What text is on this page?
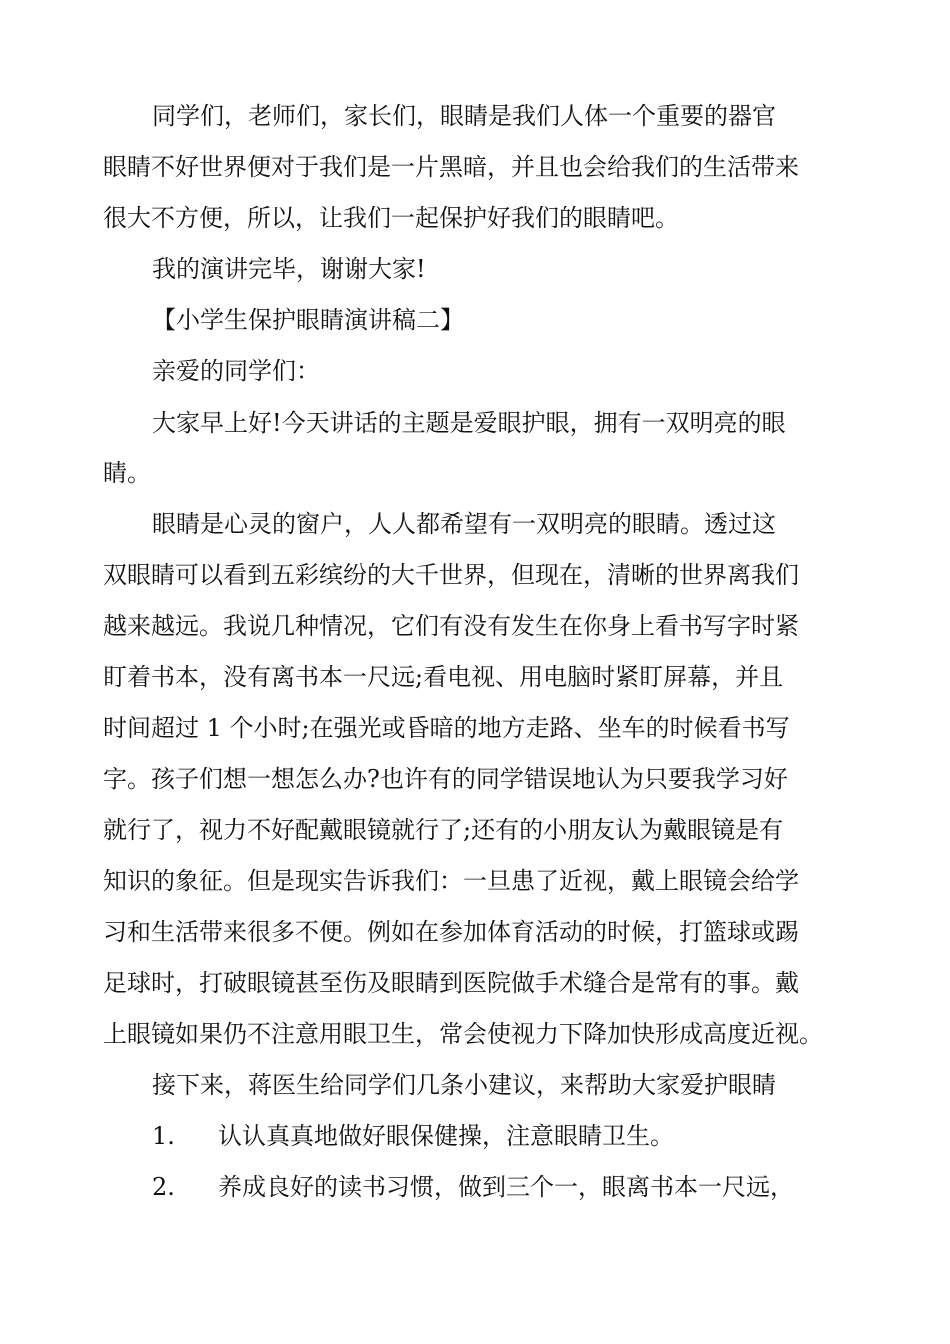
同学们，老师们，家长们，眼睛是我们人体一个重要的器官

眼睛不好世界便对于我们是一片黑暗，并且也会给我们的生活带来

很大不方便，所以，让我们一起保护好我们的眼睛吧。

我的演讲完毕，谢谢大家!

【小学生保护眼睛演讲稿二】

亲爱的同学们：

大家早上好!今天讲话的主题是爱眼护眼，拥有一双明亮的眼

睛。

眼睛是心灵的窗户，人人都希望有一双明亮的眼睛。透过这

双眼睛可以看到五彩缤纷的大千世界，但现在，清晰的世界离我们

越来越远。我说几种情况，它们有没有发生在你身上看书写字时紧

盯着书本，没有离书本一尺远;看电视、用电脑时紧盯屏幕，并且

时间超过 1 个小时;在强光或昏暗的地方走路、坐车的时候看书写

字。孩子们想一想怎么办?也许有的同学错误地认为只要我学习好

就行了，视力不好配戴眼镜就行了;还有的小朋友认为戴眼镜是有

知识的象征。但是现实告诉我们：一旦患了近视，戴上眼镜会给学

习和生活带来很多不便。例如在参加体育活动的时候，打篮球或踢

足球时，打破眼镜甚至伤及眼睛到医院做手术缝合是常有的事。戴

上眼镜如果仍不注意用眼卫生，常会使视力下降加快形成高度近视。

接下来，蒋医生给同学们几条小建议，来帮助大家爱护眼睛

1. 认认真真地做好眼保健操，注意眼睛卫生。

2. 养成良好的读书习惯，做到三个一，眼离书本一尺远，
